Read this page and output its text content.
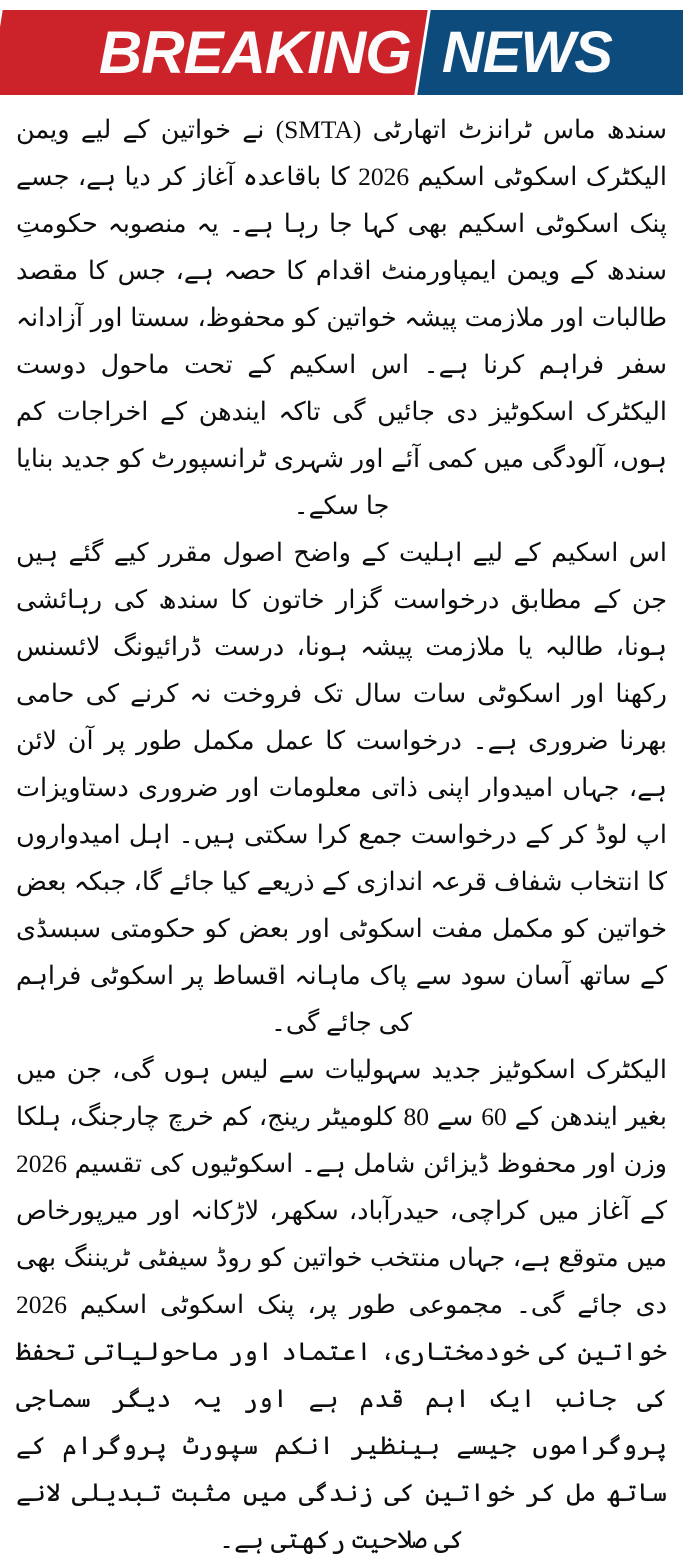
BREAKING NEWS

سندھ ماس ٹرانزٹ اتھارٹی (SMTA) نے خواتین کے لیے ویمن الیکٹرک اسکوٹی اسکیم 2026 کا باقاعدہ آغاز کر دیا ہے، جسے پنک اسکوٹی اسکیم بھی کہا جا رہا ہے۔ یہ منصوبہ حکومتِ سندھ کے ویمن ایمپاورمنٹ اقدام کا حصہ ہے، جس کا مقصد طالبات اور ملازمت پیشہ خواتین کو محفوظ، سستا اور آزادانہ سفر فراہم کرنا ہے۔ اس اسکیم کے تحت ماحول دوست الیکٹرک اسکوٹیز دی جائیں گی تاکہ ایندھن کے اخراجات کم ہوں، آلودگی میں کمی آئے اور شہری ٹرانسپورٹ کو جدید بنایا جا سکے۔

اس اسکیم کے لیے اہلیت کے واضح اصول مقرر کیے گئے ہیں جن کے مطابق درخواست گزار خاتون کا سندھ کی رہائشی ہونا، طالبہ یا ملازمت پیشہ ہونا، درست ڈرائیونگ لائسنس رکھنا اور اسکوٹی سات سال تک فروخت نہ کرنے کی حامی بھرنا ضروری ہے۔ درخواست کا عمل مکمل طور پر آن لائن ہے، جہاں امیدوار اپنی ذاتی معلومات اور ضروری دستاویزات اپ لوڈ کر کے درخواست جمع کرا سکتی ہیں۔ اہل امیدواروں کا انتخاب شفاف قرعہ اندازی کے ذریعے کیا جائے گا، جبکہ بعض خواتین کو مکمل مفت اسکوٹی اور بعض کو حکومتی سبسڈی کے ساتھ آسان سود سے پاک ماہانہ اقساط پر اسکوٹی فراہم کی جائے گی۔

الیکٹرک اسکوٹیز جدید سہولیات سے لیس ہوں گی، جن میں بغیر ایندھن کے 60 سے 80 کلومیٹر رینج، کم خرچ چارجنگ، ہلکا وزن اور محفوظ ڈیزائن شامل ہے۔ اسکوٹیوں کی تقسیم 2026 کے آغاز میں کراچی، حیدرآباد، سکھر، لاڑکانہ اور میرپورخاص میں متوقع ہے، جہاں منتخب خواتین کو روڈ سیفٹی ٹریننگ بھی دی جائے گی۔ مجموعی طور پر، پنک اسکوٹی اسکیم 2026 خواتین کی خودمختاری، اعتماد اور ماحولیاتی تحفظ کی جانب ایک اہم قدم ہے اور یہ دیگر سماجی پروگراموں جیسے بینظیر انکم سپورٹ پروگرام کے ساتھ مل کر خواتین کی زندگی میں مثبت تبدیلی لانے کی صلاحیت رکھتی ہے۔
